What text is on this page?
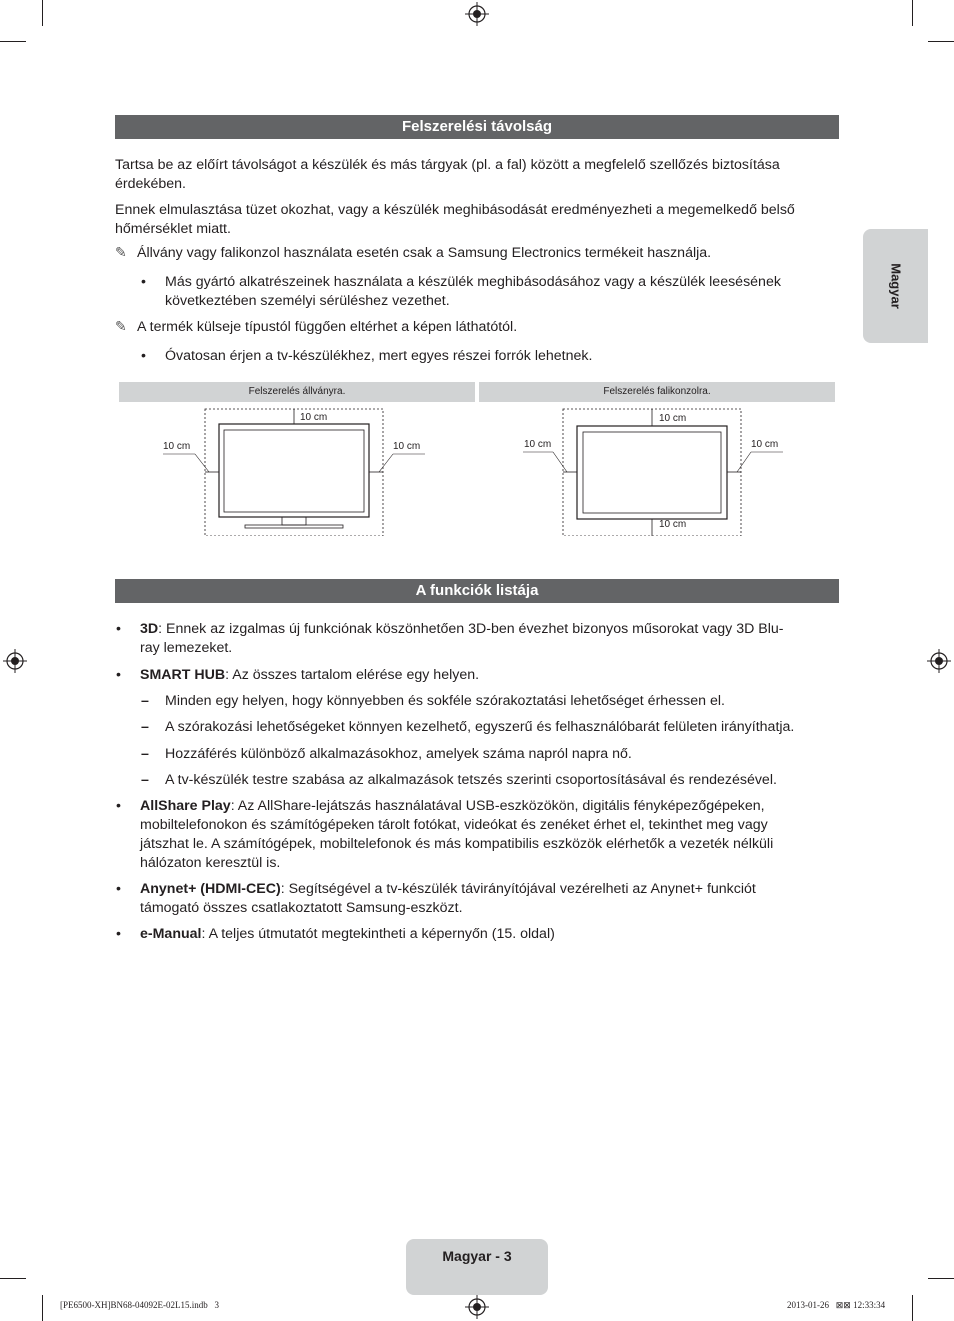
Magyar
Felszerelési távolság

Tartsa be az előírt távolságot a készülék és más tárgyak (pl. a fal) között a megfelelő szellőzés biztosítása érdekében.

Ennek elmulasztása tüzet okozhat, vagy a készülék meghibásodását eredményezheti a megemelkedő belső hőmérséklet miatt.

✎ Állvány vagy falikonzol használata esetén csak a Samsung Electronics termékeit használja.
• Más gyártó alkatrészeinek használata a készülék meghibásodásához vagy a készülék leesésének
következtében személyi sérüléshez vezethet.
✎ A termék külseje típustól függően eltérhet a képen láthatótól.
• Óvatosan érjen a tv-készülékhez, mert egyes részei forrók lehetnek.
Felszerelés állványra.	Felszerelés falikonzolra.
10 cm
10 cm	10 cm
10 cm
10 cm	10 cm
10 cm
A funkciók listája
• 3D: Ennek az izgalmas új funkciónak köszönhetően 3D-ben évezhet bizonyos műsorokat vagy 3D Blu-
ray lemezeket.
• SMART HUB: Az összes tartalom elérése egy helyen.
– Minden egy helyen, hogy könnyebben és sokféle szórakoztatási lehetőséget érhessen el.
– A szórakozási lehetőségeket könnyen kezelhető, egyszerű és felhasználóbarát felületen irányíthatja.
– Hozzáférés különböző alkalmazásokhoz, amelyek száma napról napra nő.
– A tv-készülék testre szabása az alkalmazások tetszés szerinti csoportosításával és rendezésével.
• AllShare Play: Az AllShare-lejátszás használatával USB-eszközökön, digitális fényképezőgépeken,
mobiltelefonokon és számítógépeken tárolt fotókat, videókat és zenéket érhet el, tekinthet meg vagy
játszhat le. A számítógépek, mobiltelefonok és más kompatibilis eszközök elérhetők a vezeték nélküli
hálózaton keresztül is.
• Anynet+ (HDMI-CEC): Segítségével a tv-készülék távirányítójával vezérelheti az Anynet+ funkciót
támogató összes csatlakoztatott Samsung-eszközt.
• e-Manual: A teljes útmutatót megtekintheti a képernyőn (15. oldal)
Magyar - 3
[PE6500-XH]BN68-04092E-02L15.indb   3	2013-01-26   ⊠⊠ 12:33:34
